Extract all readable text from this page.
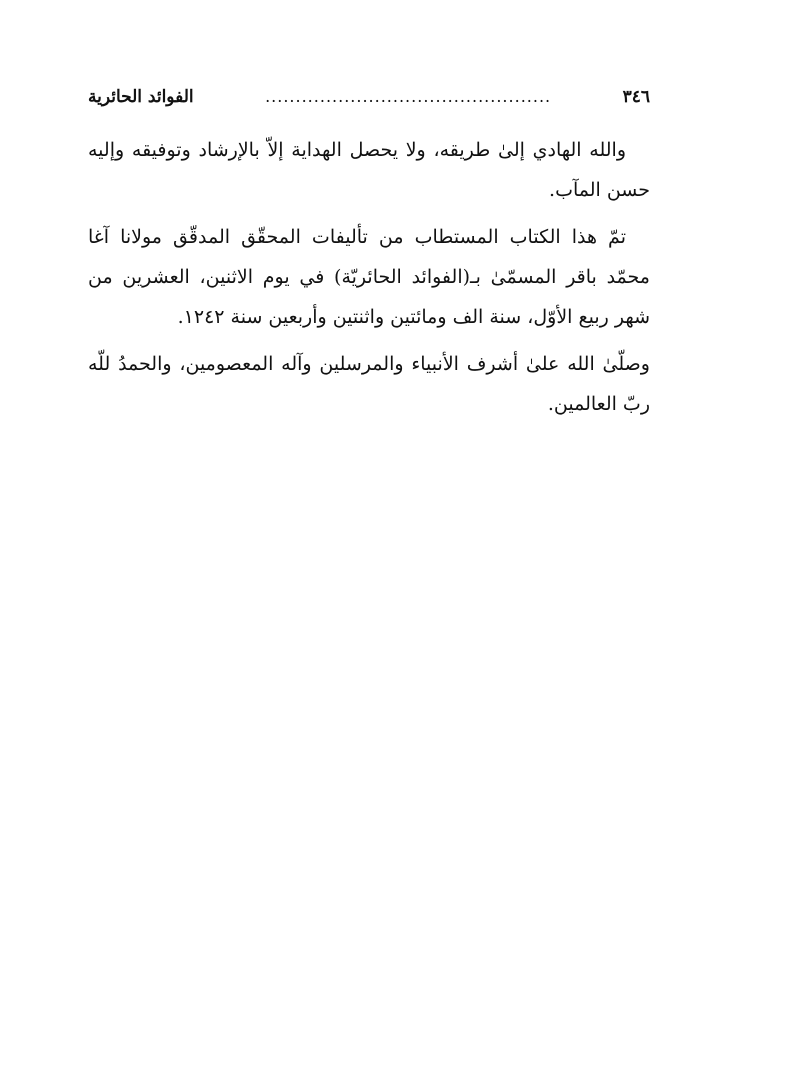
٣٤٦
...............................................
الفوائد الحائرية

والله الهادي إلىٰ طريقه، ولا يحصل الهداية إلاّ بالإرشاد وتوفيقه وإليه حسن المآب.

تمّ هذا الكتاب المستطاب من تأليفات المحقّق المدقّق مولانا آغا محمّد باقر المسمّىٰ بـ(الفوائد الحائريّة) في يوم الاثنين، العشرين من شهر ربيع الأوّل، سنة الف ومائتين واثنتين وأربعين سنة ١٢٤٢.

وصلّىٰ الله علىٰ أشرف الأنبياء والمرسلين وآله المعصومين، والحمدُ للّه ربّ العالمين.
